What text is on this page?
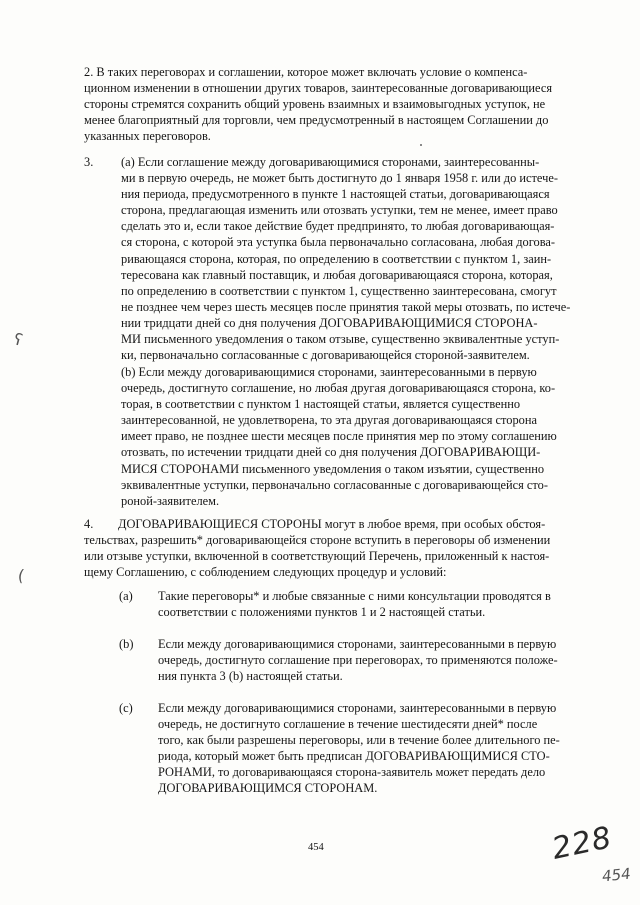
2. В таких переговорах и соглашении, которое может включать условие о компенса-
ционном изменении в отношении других товаров, заинтересованные договаривающиеся
стороны стремятся сохранить общий уровень взаимных и взаимовыгодных уступок, не
менее благоприятный для торговли, чем предусмотренный в настоящем Соглашении до
указанных переговоров.
3. (a) Если соглашение между договаривающимися сторонами, заинтересованны-
ми в первую очередь, не может быть достигнуто до 1 января 1958 г. или до истече-
ния периода, предусмотренного в пункте 1 настоящей статьи, договаривающаяся
сторона, предлагающая изменить или отозвать уступки, тем не менее, имеет право
сделать это и, если такое действие будет предпринято, то любая договаривающая-
ся сторона, с которой эта уступка была первоначально согласована, любая догова-
ривающаяся сторона, которая, по определению в соответствии с пунктом 1, заин-
тересована как главный поставщик, и любая договаривающаяся сторона, которая,
по определению в соответствии с пунктом 1, существенно заинтересована, смогут
не позднее чем через шесть месяцев после принятия такой меры отозвать, по истече-
нии тридцати дней со дня получения ДОГОВАРИВАЮЩИМИСЯ СТОРОНА-
МИ письменного уведомления о таком отзыве, существенно эквивалентные уступ-
ки, первоначально согласованные с договаривающейся стороной-заявителем.
(b) Если между договаривающимися сторонами, заинтересованными в первую
очередь, достигнуто соглашение, но любая другая договаривающаяся сторона, ко-
торая, в соответствии с пунктом 1 настоящей статьи, является существенно
заинтересованной, не удовлетворена, то эта другая договаривающаяся сторона
имеет право, не позднее шести месяцев после принятия мер по этому соглашению
отозвать, по истечении тридцати дней со дня получения ДОГОВАРИВАЮЩИ-
МИСЯ СТОРОНАМИ письменного уведомления о таком изъятии, существенно
эквивалентные уступки, первоначально согласованные с договаривающейся сто-
роной-заявителем.
4.	ДОГОВАРИВАЮЩИЕСЯ СТОРОНЫ могут в любое время, при особых обстоя-
тельствах, разрешить* договаривающейся стороне вступить в переговоры об изменении
или отзыве уступки, включенной в соответствующий Перечень, приложенный к настоя-
щему Соглашению, с соблюдением следующих процедур и условий:
(a) Такие переговоры* и любые связанные с ними консультации проводятся в
соответствии с положениями пунктов 1 и 2 настоящей статьи.
(b) Если между договаривающимися сторонами, заинтересованными в первую
очередь, достигнуто соглашение при переговорах, то применяются положе-
ния пункта 3 (b) настоящей статьи.
(c) Если между договаривающимися сторонами, заинтересованными в первую
очередь, не достигнуто соглашение в течение шестидесяти дней* после
того, как были разрешены переговоры, или в течение более длительного пе-
риода, который может быть предписан ДОГОВАРИВАЮЩИМИСЯ СТО-
РОНАМИ, то договаривающаяся сторона-заявитель может передать дело
ДОГОВАРИВАЮЩИМСЯ СТОРОНАМ.
454	228
454
ʕ
(
